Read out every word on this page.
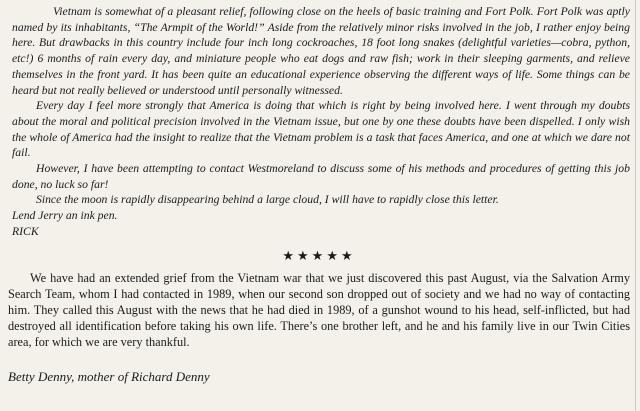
Vietnam is somewhat of a pleasant relief, following close on the heels of basic training and Fort Polk. Fort Polk was aptly named by its inhabitants, “The Armpit of the World!” Aside from the relatively minor risks involved in the job, I rather enjoy being here. But drawbacks in this country include four inch long cockroaches, 18 foot long snakes (delightful varieties—cobra, python, etc!) 6 months of rain every day, and miniature people who eat dogs and raw fish; work in their sleeping garments, and relieve themselves in the front yard. It has been quite an educational experience observing the different ways of life. Some things can be heard but not really believed or understood until personally witnessed.

Every day I feel more strongly that America is doing that which is right by being involved here. I went through my doubts about the moral and political precision involved in the Vietnam issue, but one by one these doubts have been dispelled. I only wish the whole of America had the insight to realize that the Vietnam problem is a task that faces America, and one at which we dare not fail.

However, I have been attempting to contact Westmoreland to discuss some of his methods and procedures of getting this job done, no luck so far!

Since the moon is rapidly disappearing behind a large cloud, I will have to rapidly close this letter.

Lend Jerry an ink pen.

RICK

★★★★★

We have had an extended grief from the Vietnam war that we just discovered this past August, via the Salvation Army Search Team, whom I had contacted in 1989, when our second son dropped out of society and we had no way of contacting him. They called this August with the news that he had died in 1989, of a gunshot wound to his head, self-inflicted, but had destroyed all identification before taking his own life. There’s one brother left, and he and his family live in our Twin Cities area, for which we are very thankful.

Betty Denny, mother of Richard Denny
